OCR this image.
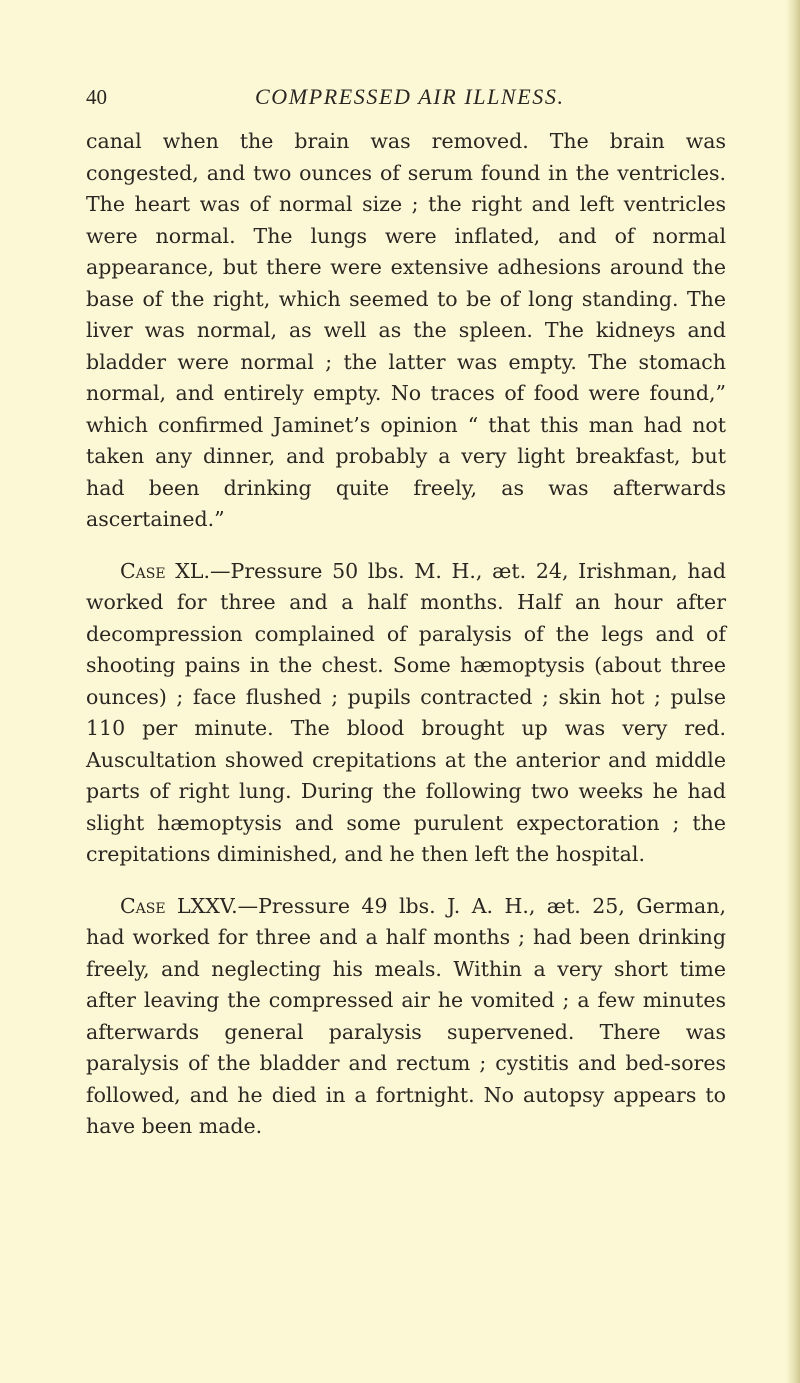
40	COMPRESSED AIR ILLNESS.

canal when the brain was removed. The brain was congested, and two ounces of serum found in the ventricles. The heart was of normal size ; the right and left ventricles were normal. The lungs were inflated, and of normal appearance, but there were extensive adhesions around the base of the right, which seemed to be of long standing. The liver was normal, as well as the spleen. The kidneys and bladder were normal ; the latter was empty. The stomach normal, and entirely empty. No traces of food were found,” which confirmed Jaminet’s opinion “ that this man had not taken any dinner, and probably a very light breakfast, but had been drinking quite freely, as was afterwards ascertained.”

Case XL.—Pressure 50 lbs. M. H., æt. 24, Irishman, had worked for three and a half months. Half an hour after decompression complained of paralysis of the legs and of shooting pains in the chest. Some hæmoptysis (about three ounces) ; face flushed ; pupils contracted ; skin hot ; pulse 110 per minute. The blood brought up was very red. Auscultation showed crepitations at the anterior and middle parts of right lung. During the following two weeks he had slight hæmoptysis and some purulent expectoration ; the crepitations diminished, and he then left the hospital.

Case LXXV.—Pressure 49 lbs. J. A. H., æt. 25, German, had worked for three and a half months ; had been drinking freely, and neglecting his meals. Within a very short time after leaving the compressed air he vomited ; a few minutes afterwards general paralysis supervened. There was paralysis of the bladder and rectum ; cystitis and bed-sores followed, and he died in a fortnight. No autopsy appears to have been made.
